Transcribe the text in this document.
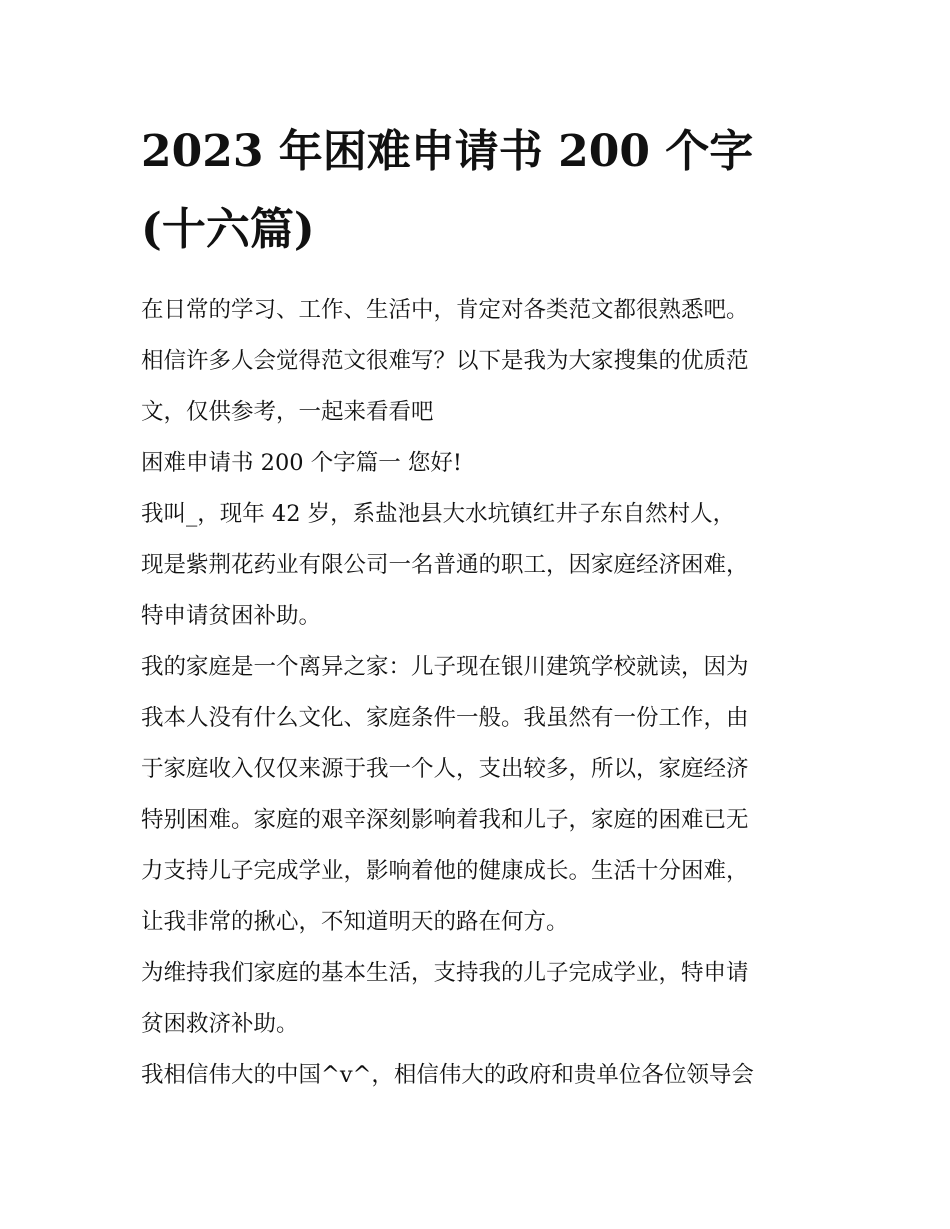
2023 年困难申请书 200 个字
(十六篇)
在日常的学习、工作、生活中，肯定对各类范文都很熟悉吧。
相信许多人会觉得范文很难写？以下是我为大家搜集的优质范
文，仅供参考，一起来看看吧
困难申请书 200 个字篇一 您好!
我叫_，现年 42 岁，系盐池县大水坑镇红井子东自然村人，
现是紫荆花药业有限公司一名普通的职工，因家庭经济困难，
特申请贫困补助。
我的家庭是一个离异之家：儿子现在银川建筑学校就读，因为
我本人没有什么文化、家庭条件一般。我虽然有一份工作，由
于家庭收入仅仅来源于我一个人，支出较多，所以，家庭经济
特别困难。家庭的艰辛深刻影响着我和儿子，家庭的困难已无
力支持儿子完成学业，影响着他的健康成长。生活十分困难，
让我非常的揪心，不知道明天的路在何方。
为维持我们家庭的基本生活，支持我的儿子完成学业，特申请
贫困救济补助。
我相信伟大的中国^v^，相信伟大的政府和贵单位各位领导会
